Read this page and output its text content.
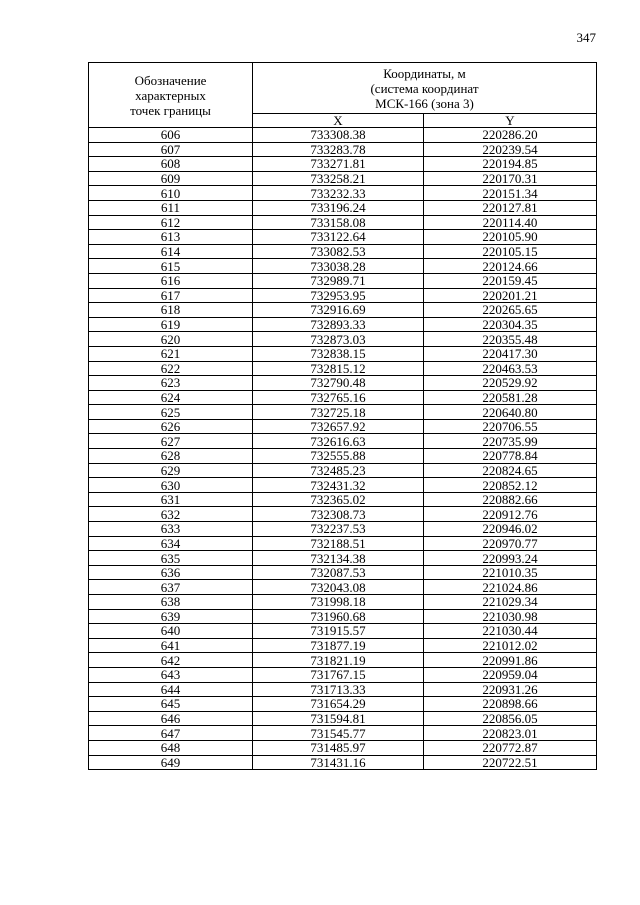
347
Обозначение
характерных
точек границы	Координаты, м
(система координат
МСК-166 (зона 3)	

	X	Y
606	733308.38	220286.20
607	733283.78	220239.54
608	733271.81	220194.85
609	733258.21	220170.31
610	733232.33	220151.34
611	733196.24	220127.81
612	733158.08	220114.40
613	733122.64	220105.90
614	733082.53	220105.15
615	733038.28	220124.66
616	732989.71	220159.45
617	732953.95	220201.21
618	732916.69	220265.65
619	732893.33	220304.35
620	732873.03	220355.48
621	732838.15	220417.30
622	732815.12	220463.53
623	732790.48	220529.92
624	732765.16	220581.28
625	732725.18	220640.80
626	732657.92	220706.55
627	732616.63	220735.99
628	732555.88	220778.84
629	732485.23	220824.65
630	732431.32	220852.12
631	732365.02	220882.66
632	732308.73	220912.76
633	732237.53	220946.02
634	732188.51	220970.77
635	732134.38	220993.24
636	732087.53	221010.35
637	732043.08	221024.86
638	731998.18	221029.34
639	731960.68	221030.98
640	731915.57	221030.44
641	731877.19	221012.02
642	731821.19	220991.86
643	731767.15	220959.04
644	731713.33	220931.26
645	731654.29	220898.66
646	731594.81	220856.05
647	731545.77	220823.01
648	731485.97	220772.87
649	731431.16	220722.51
